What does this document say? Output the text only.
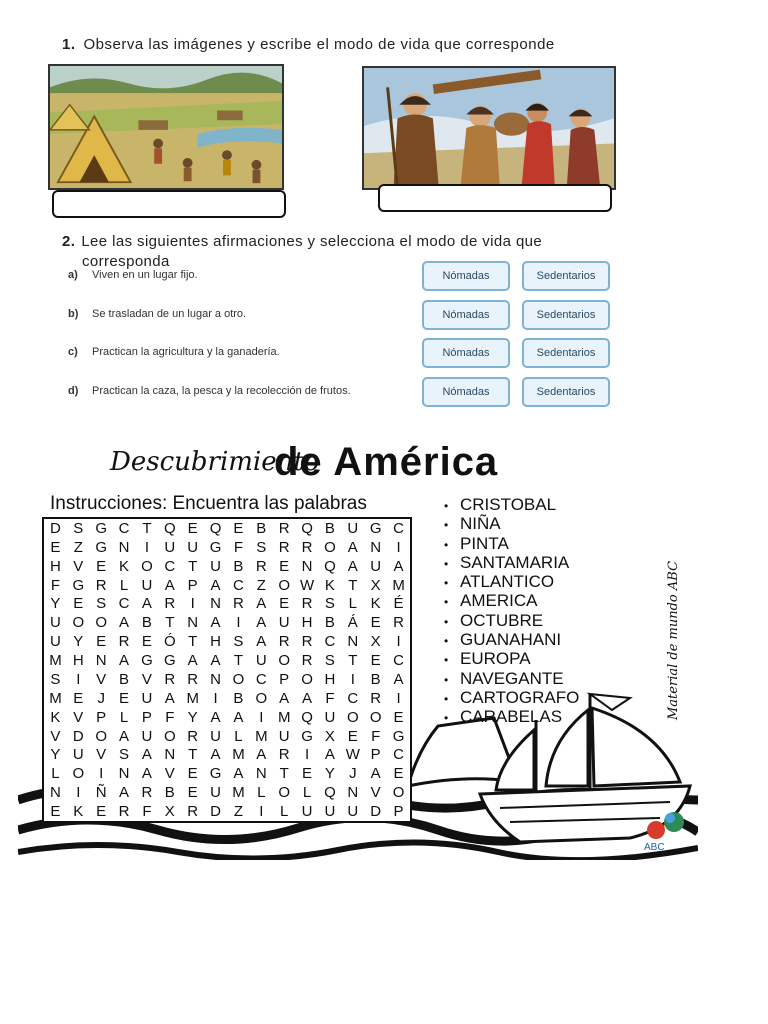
1. Observa las imágenes y escribe el modo de vida que corresponde
2. Lee las siguientes afirmaciones y selecciona el modo de vida que
corresponda
a) Viven en un lugar fijo.
b) Se trasladan de un lugar a otro.
c) Practican la agricultura y la ganadería.
d) Practican la caza, la pesca y la recolección de frutos.
Nómadas	Sedentarios
Nómadas	Sedentarios
Nómadas	Sedentarios
Nómadas	Sedentarios
Descubrimiento
de América
Instrucciones: Encuentra las palabras
ABC
D S G C T Q E Q E B R Q B U G C
E Z G N	I	U U G F S R R O A N	I
H V E K O C T U B R E N Q A U A
F G R L U A P A C Z O W K T X M
Y E S C A R	I	N R A E R S L K É
U O O A B T N A	I	A U H B Á E R
U Y E R E Ó T H S A R R C N X	I
M H N A G G A A T U O R S T E C
S	I	V B V R R N O C P O H	I	B A
M E J E U A M I	B O A A F C R	I
K V P L P F Y A A	I M Q U O O E
V D O A U O R U L M U G X E F G
Y U V S A N T A M A R	I	A W P C
L O I	N A V E G A N T E Y J A E
N	I	Ñ A R B E U M L O L Q N V O
E K E R F X R D Z	I	L U U U D P
• CRISTOBAL
• NIÑA
• PINTA
• SANTAMARIA
• ATLANTICO
• AMERICA
• OCTUBRE
• GUANAHANI
• EUROPA
• NAVEGANTE
• CARTOGRAFO
• CARABELAS	Material de mundo ABC
